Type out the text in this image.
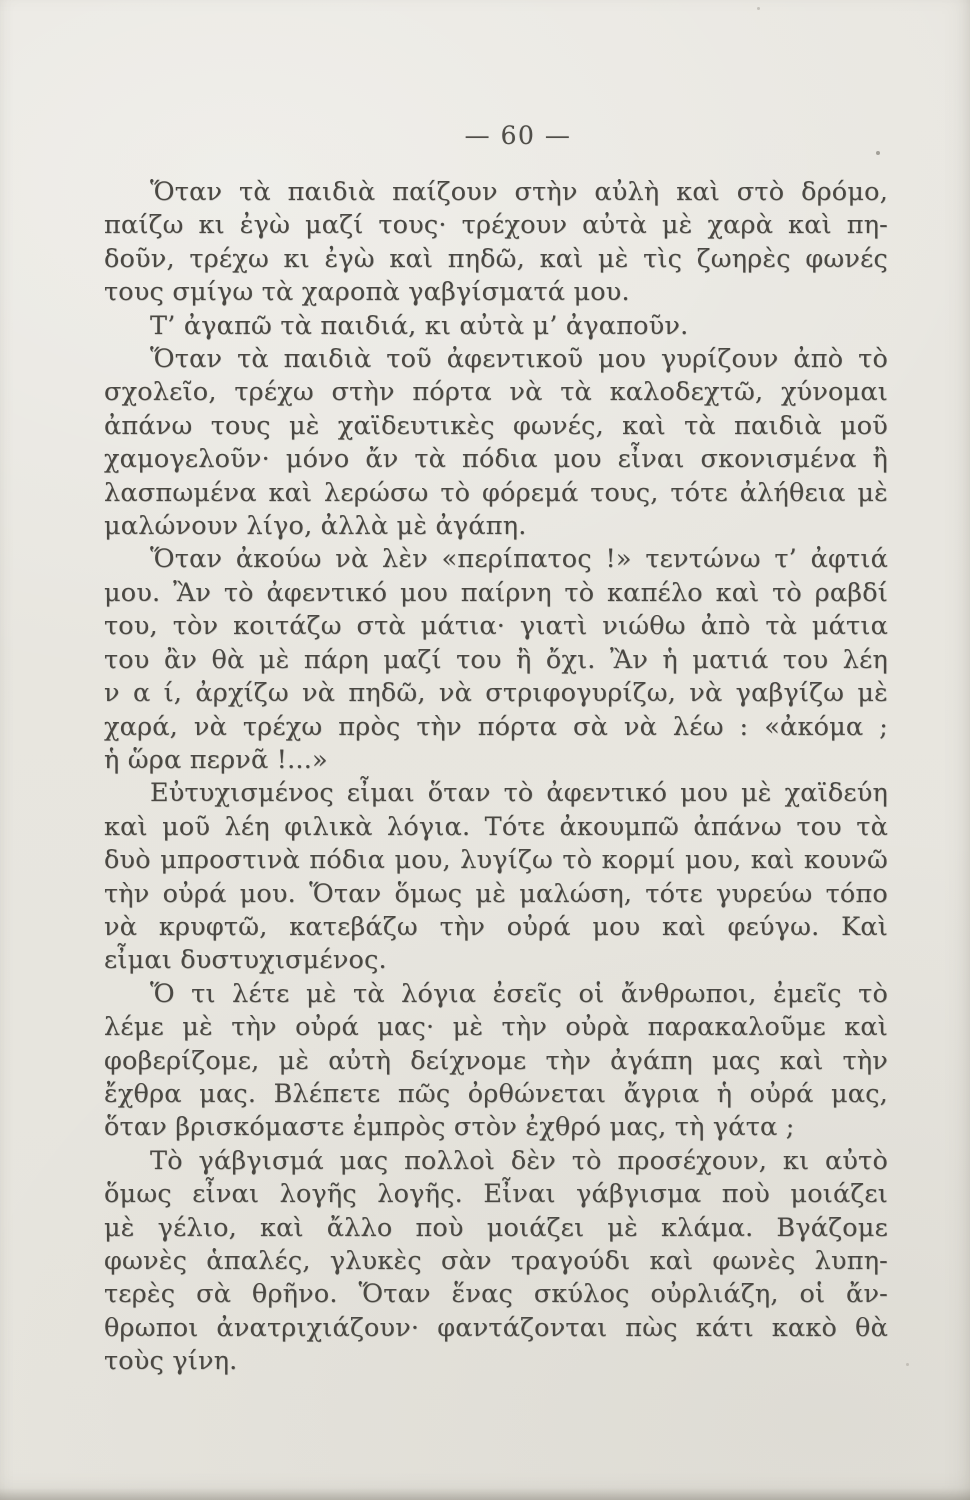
— 60 —
Ὅταν τὰ παιδιὰ παίζουν στὴν αὐλὴ καὶ στὸ δρόμο,
παίζω κι ἐγὼ μαζί τους· τρέχουν αὐτὰ μὲ χαρὰ καὶ πη-
δοῦν, τρέχω κι ἐγὼ καὶ πηδῶ, καὶ μὲ τὶς ζωηρὲς φωνές
τους σμίγω τὰ χαροπὰ γαβγίσματά μου.
Τ’ ἀγαπῶ τὰ παιδιά, κι αὐτὰ μ’ ἀγαποῦν.
Ὅταν τὰ παιδιὰ τοῦ ἀφεντικοῦ μου γυρίζουν ἀπὸ τὸ
σχολεῖο, τρέχω στὴν πόρτα νὰ τὰ καλοδεχτῶ, χύνομαι
ἀπάνω τους μὲ χαϊδευτικὲς φωνές, καὶ τὰ παιδιὰ μοῦ
χαμογελοῦν· μόνο ἄν τὰ πόδια μου εἶναι σκονισμένα ἢ
λασπωμένα καὶ λερώσω τὸ φόρεμά τους, τότε ἀλήθεια μὲ
μαλώνουν λίγο, ἀλλὰ μὲ ἀγάπη.
Ὅταν ἀκούω νὰ λὲν «περίπατος !» τεντώνω τ’ ἀφτιά
μου. Ἂν τὸ ἀφεντικό μου παίρνη τὸ καπέλο καὶ τὸ ραβδί
του, τὸν κοιτάζω στὰ μάτια· γιατὶ νιώθω ἀπὸ τὰ μάτια
του ἂν θὰ μὲ πάρη μαζί του ἢ ὄχι. Ἂν ἡ ματιά του λέη
ν α ί, ἀρχίζω νὰ πηδῶ, νὰ στριφογυρίζω, νὰ γαβγίζω μὲ
χαρά, νὰ τρέχω πρὸς τὴν πόρτα σὰ νὰ λέω : «ἀκόμα ;
ἡ ὥρα περνᾶ !...»
Εὐτυχισμένος εἶμαι ὅταν τὸ ἀφεντικό μου μὲ χαϊδεύη
καὶ μοῦ λέη φιλικὰ λόγια. Τότε ἀκουμπῶ ἀπάνω του τὰ
δυὸ μπροστινὰ πόδια μου, λυγίζω τὸ κορμί μου, καὶ κουνῶ
τὴν οὐρά μου. Ὅταν ὅμως μὲ μαλώση, τότε γυρεύω τόπο
νὰ κρυφτῶ, κατεβάζω τὴν οὐρά μου καὶ φεύγω. Καὶ
εἶμαι δυστυχισμένος.
Ὅ τι λέτε μὲ τὰ λόγια ἐσεῖς οἱ ἄνθρωποι, ἐμεῖς τὸ
λέμε μὲ τὴν οὐρά μας· μὲ τὴν οὐρὰ παρακαλοῦμε καὶ
φοβερίζομε, μὲ αὐτὴ δείχνομε τὴν ἀγάπη μας καὶ τὴν
ἔχθρα μας. Βλέπετε πῶς ὀρθώνεται ἄγρια ἡ οὐρά μας,
ὅταν βρισκόμαστε ἐμπρὸς στὸν ἐχθρό μας, τὴ γάτα ;
Τὸ γάβγισμά μας πολλοὶ δὲν τὸ προσέχουν, κι αὐτὸ
ὅμως εἶναι λογῆς λογῆς. Εἶναι γάβγισμα ποὺ μοιάζει
μὲ γέλιο, καὶ ἄλλο ποὺ μοιάζει μὲ κλάμα. Βγάζομε
φωνὲς ἁπαλές, γλυκὲς σὰν τραγούδι καὶ φωνὲς λυπη-
τερὲς σὰ θρῆνο. Ὅταν ἕνας σκύλος οὐρλιάζη, οἱ ἄν-
θρωποι ἀνατριχιάζουν· φαντάζονται πὼς κάτι κακὸ θὰ
τοὺς γίνη.
